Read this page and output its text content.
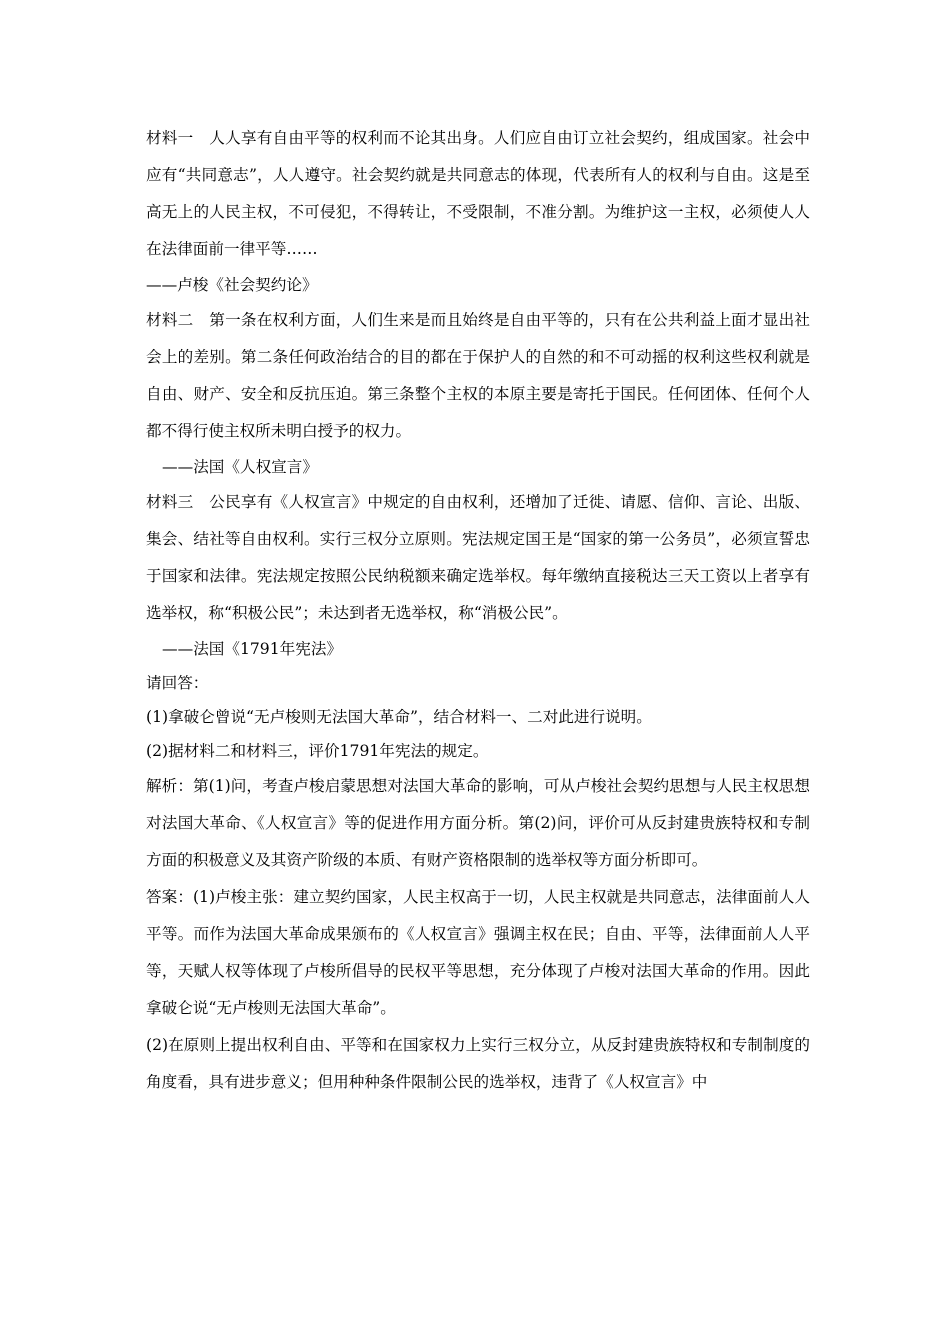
材料一　人人享有自由平等的权利而不论其出身。人们应自由订立社会契约，组成国家。社会中应有“共同意志”，人人遵守。社会契约就是共同意志的体现，代表所有人的权利与自由。这是至高无上的人民主权，不可侵犯，不得转让，不受限制，不准分割。为维护这一主权，必须使人人在法律面前一律平等……

——卢梭《社会契约论》

材料二　第一条在权利方面，人们生来是而且始终是自由平等的，只有在公共利益上面才显出社会上的差别。第二条任何政治结合的目的都在于保护人的自然的和不可动摇的权利这些权利就是自由、财产、安全和反抗压迫。第三条整个主权的本原主要是寄托于国民。任何团体、任何个人都不得行使主权所未明白授予的权力。

——法国《人权宣言》

材料三　公民享有《人权宣言》中规定的自由权利，还增加了迁徙、请愿、信仰、言论、出版、集会、结社等自由权利。实行三权分立原则。宪法规定国王是“国家的第一公务员”，必须宣誓忠于国家和法律。宪法规定按照公民纳税额来确定选举权。每年缴纳直接税达三天工资以上者享有选举权，称“积极公民”；未达到者无选举权，称“消极公民”。

——法国《1791年宪法》

请回答：

(1)拿破仑曾说“无卢梭则无法国大革命”，结合材料一、二对此进行说明。

(2)据材料二和材料三，评价1791年宪法的规定。

解析：第(1)问，考查卢梭启蒙思想对法国大革命的影响，可从卢梭社会契约思想与人民主权思想对法国大革命、《人权宣言》等的促进作用方面分析。第(2)问，评价可从反封建贵族特权和专制方面的积极意义及其资产阶级的本质、有财产资格限制的选举权等方面分析即可。

答案：(1)卢梭主张：建立契约国家，人民主权高于一切，人民主权就是共同意志，法律面前人人平等。而作为法国大革命成果颁布的《人权宣言》强调主权在民；自由、平等，法律面前人人平等，天赋人权等体现了卢梭所倡导的民权平等思想，充分体现了卢梭对法国大革命的作用。因此拿破仑说“无卢梭则无法国大革命”。

(2)在原则上提出权利自由、平等和在国家权力上实行三权分立，从反封建贵族特权和专制制度的角度看，具有进步意义；但用种种条件限制公民的选举权，违背了《人权宣言》中
